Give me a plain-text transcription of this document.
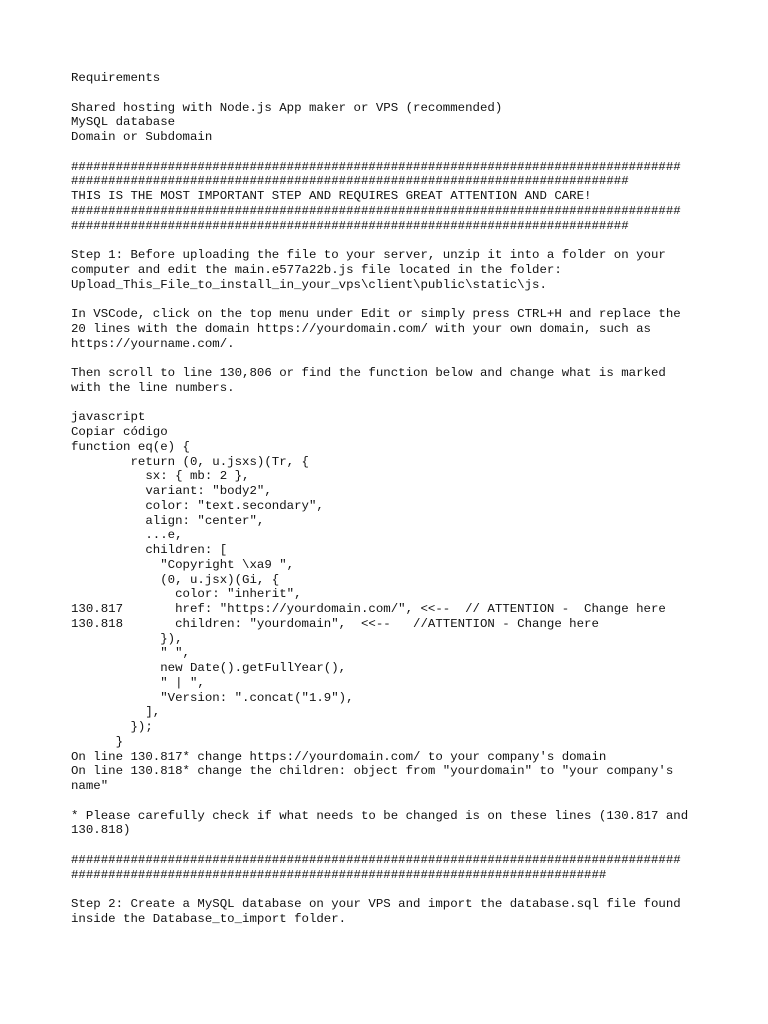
Requirements
Shared hosting with Node.js App maker or VPS (recommended)
MySQL database
Domain or Subdomain
##################################################################################
###########################################################################
THIS IS THE MOST IMPORTANT STEP AND REQUIRES GREAT ATTENTION AND CARE!
##################################################################################
###########################################################################
Step 1: Before uploading the file to your server, unzip it into a folder on your
computer and edit the main.e577a22b.js file located in the folder:
Upload_This_File_to_install_in_your_vps\client\public\static\js.
In VSCode, click on the top menu under Edit or simply press CTRL+H and replace the
20 lines with the domain https://yourdomain.com/ with your own domain, such as
https://yourname.com/.
Then scroll to line 130,806 or find the function below and change what is marked
with the line numbers.
javascript
Copiar código
function eq(e) {
return (0, u.jsxs)(Tr, {
sx: { mb: 2 },
variant: "body2",
color: "text.secondary",
align: "center",
...e,
children: [
"Copyright \xa9 ",
(0, u.jsx)(Gi, {
color: "inherit",
130.817       href: "https://yourdomain.com/", <<--  // ATTENTION -  Change here
130.818       children: "yourdomain",  <<--   //ATTENTION - Change here
}),
" ",
new Date().getFullYear(),
" | ",
"Version: ".concat("1.9"),
],
});
}
On line 130.817* change https://yourdomain.com/ to your company's domain
On line 130.818* change the children: object from "yourdomain" to "your company's
name"
* Please carefully check if what needs to be changed is on these lines (130.817 and
130.818)
##################################################################################
########################################################################
Step 2: Create a MySQL database on your VPS and import the database.sql file found
inside the Database_to_import folder.
